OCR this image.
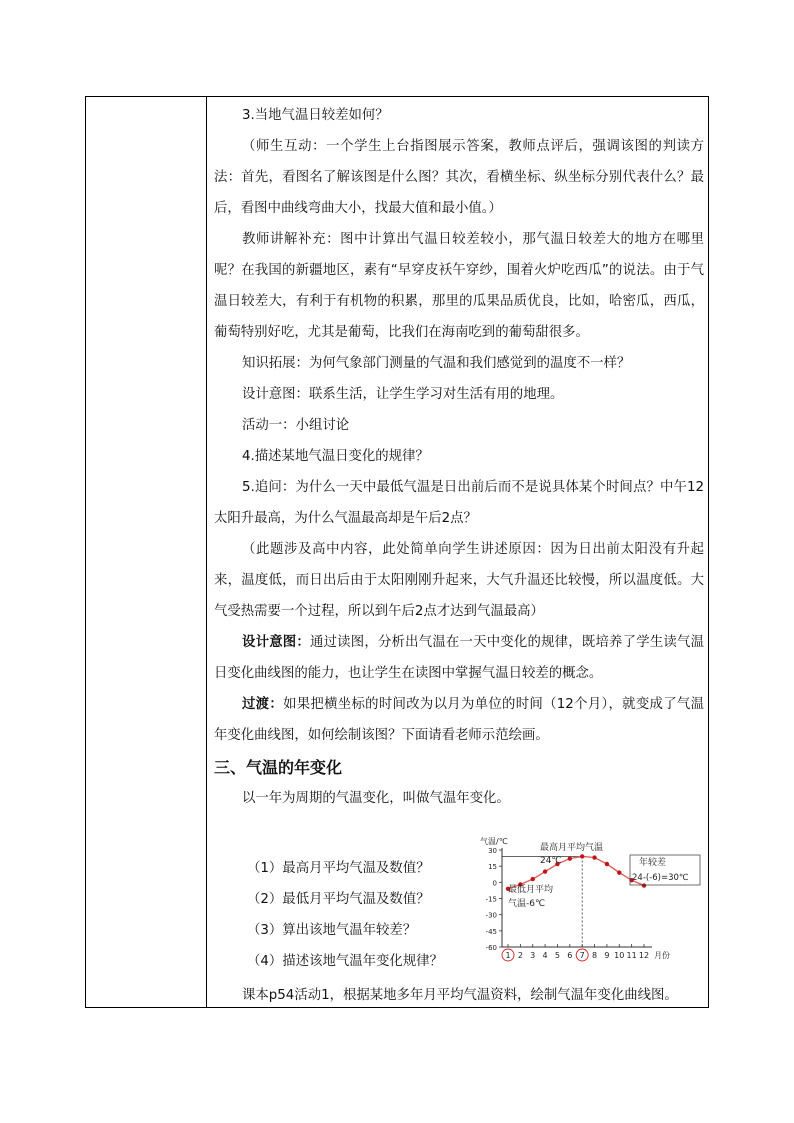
3.当地气温日较差如何？

（师生互动：一个学生上台指图展示答案，教师点评后，强调该图的判读方法：首先，看图名了解该图是什么图？其次，看横坐标、纵坐标分别代表什么？最后，看图中曲线弯曲大小，找最大值和最小值。）

教师讲解补充：图中计算出气温日较差较小，那气温日较差大的地方在哪里呢？在我国的新疆地区，素有“早穿皮袄午穿纱，围着火炉吃西瓜”的说法。由于气温日较差大，有利于有机物的积累，那里的瓜果品质优良，比如，哈密瓜，西瓜，葡萄特别好吃，尤其是葡萄，比我们在海南吃到的葡萄甜很多。

知识拓展：为何气象部门测量的气温和我们感觉到的温度不一样？

设计意图：联系生活，让学生学习对生活有用的地理。

活动一：小组讨论

4.描述某地气温日变化的规律？

5.追问：为什么一天中最低气温是日出前后而不是说具体某个时间点？中午12太阳升最高，为什么气温最高却是午后2点？

（此题涉及高中内容，此处简单向学生讲述原因：因为日出前太阳没有升起来，温度低，而日出后由于太阳刚刚升起来，大气升温还比较慢，所以温度低。大气受热需要一个过程，所以到午后2点才达到气温最高）

设计意图：通过读图，分析出气温在一天中变化的规律，既培养了学生读气温日变化曲线图的能力，也让学生在读图中掌握气温日较差的概念。

过渡：如果把横坐标的时间改为以月为单位的时间（12个月），就变成了气温年变化曲线图，如何绘制该图？下面请看老师示范绘画。

三、气温的年变化

以一年为周期的气温变化，叫做气温年变化。

（1）最高月平均气温及数值？
（2）最低月平均气温及数值？
（3）算出该地气温年较差？
（4）描述该地气温年变化规律？
气温/℃
30
15
0
-15
-30
-45
-60
1 2 3 4 5 6 7 8 9 10 11 12 月份
最高月平均气温
24℃
最低月平均
气温-6℃
年较差
24-(-6)=30℃
课本p54活动1，根据某地多年月平均气温资料，绘制气温年变化曲线图。
